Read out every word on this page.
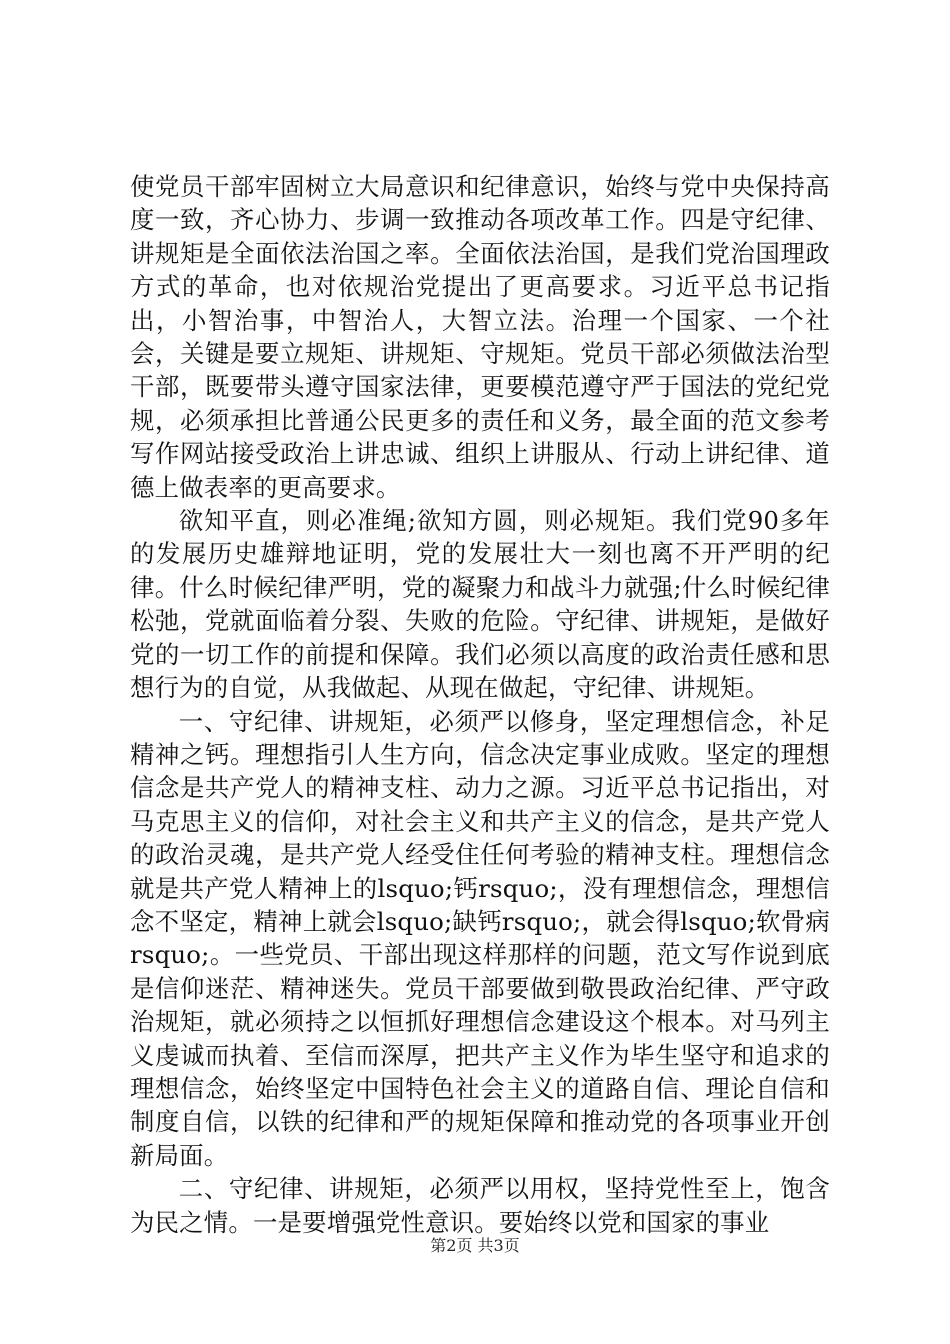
使党员干部牢固树立大局意识和纪律意识，始终与党中央保持高度一致，齐心协力、步调一致推动各项改革工作。四是守纪律、讲规矩是全面依法治国之率。全面依法治国，是我们党治国理政方式的革命，也对依规治党提出了更高要求。习近平总书记指出，小智治事，中智治人，大智立法。治理一个国家、一个社会，关键是要立规矩、讲规矩、守规矩。党员干部必须做法治型干部，既要带头遵守国家法律，更要模范遵守严于国法的党纪党规，必须承担比普通公民更多的责任和义务，最全面的范文参考写作网站接受政治上讲忠诚、组织上讲服从、行动上讲纪律、道德上做表率的更高要求。

欲知平直，则必准绳;欲知方圆，则必规矩。我们党90多年的发展历史雄辩地证明，党的发展壮大一刻也离不开严明的纪律。什么时候纪律严明，党的凝聚力和战斗力就强;什么时候纪律松弛，党就面临着分裂、失败的危险。守纪律、讲规矩，是做好党的一切工作的前提和保障。我们必须以高度的政治责任感和思想行为的自觉，从我做起、从现在做起，守纪律、讲规矩。

一、守纪律、讲规矩，必须严以修身，坚定理想信念，补足精神之钙。理想指引人生方向，信念决定事业成败。坚定的理想信念是共产党人的精神支柱、动力之源。习近平总书记指出，对马克思主义的信仰，对社会主义和共产主义的信念，是共产党人的政治灵魂，是共产党人经受住任何考验的精神支柱。理想信念就是共产党人精神上的lsquo;钙rsquo;，没有理想信念，理想信念不坚定，精神上就会lsquo;缺钙rsquo;，就会得lsquo;软骨病rsquo;。一些党员、干部出现这样那样的问题，范文写作说到底是信仰迷茫、精神迷失。党员干部要做到敬畏政治纪律、严守政治规矩，就必须持之以恒抓好理想信念建设这个根本。对马列主义虔诚而执着、至信而深厚，把共产主义作为毕生坚守和追求的理想信念，始终坚定中国特色社会主义的道路自信、理论自信和制度自信，以铁的纪律和严的规矩保障和推动党的各项事业开创新局面。

二、守纪律、讲规矩，必须严以用权，坚持党性至上，饱含为民之情。一是要增强党性意识。要始终以党和国家的事业

第2页 共3页
